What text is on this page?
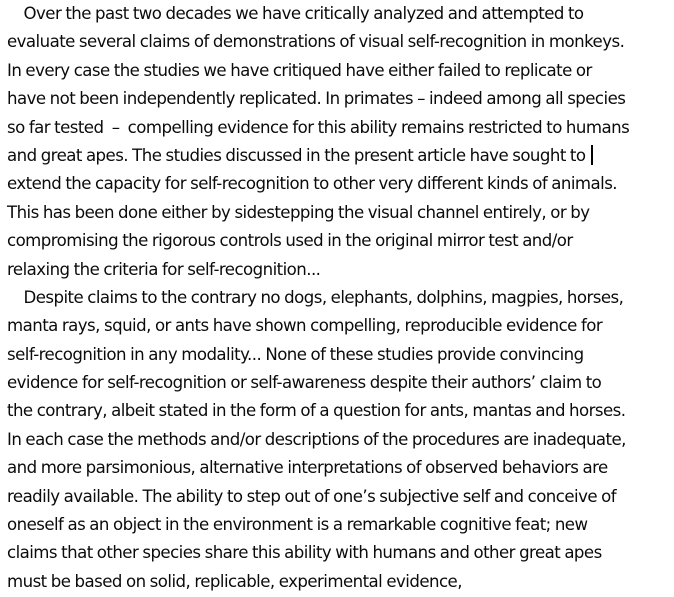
Over the past two decades we have critically analyzed and attempted to
evaluate several claims of demonstrations of visual self-recognition in monkeys.
In every case the studies we have critiqued have either failed to replicate or
have not been independently replicated. In primates – indeed among all species
so far tested  –  compelling evidence for this ability remains restricted to humans
and great apes. The studies discussed in the present article have sought to
extend the capacity for self-recognition to other very different kinds of animals.
This has been done either by sidestepping the visual channel entirely, or by
compromising the rigorous controls used in the original mirror test and/or
relaxing the criteria for self-recognition...
Despite claims to the contrary no dogs, elephants, dolphins, magpies, horses,
manta rays, squid, or ants have shown compelling, reproducible evidence for
self-recognition in any modality... None of these studies provide convincing
evidence for self-recognition or self-awareness despite their authors’ claim to
the contrary, albeit stated in the form of a question for ants, mantas and horses.
In each case the methods and/or descriptions of the procedures are inadequate,
and more parsimonious, alternative interpretations of observed behaviors are
readily available. The ability to step out of one’s subjective self and conceive of
oneself as an object in the environment is a remarkable cognitive feat; new
claims that other species share this ability with humans and other great apes
must be based on solid, replicable, experimental evidence,
